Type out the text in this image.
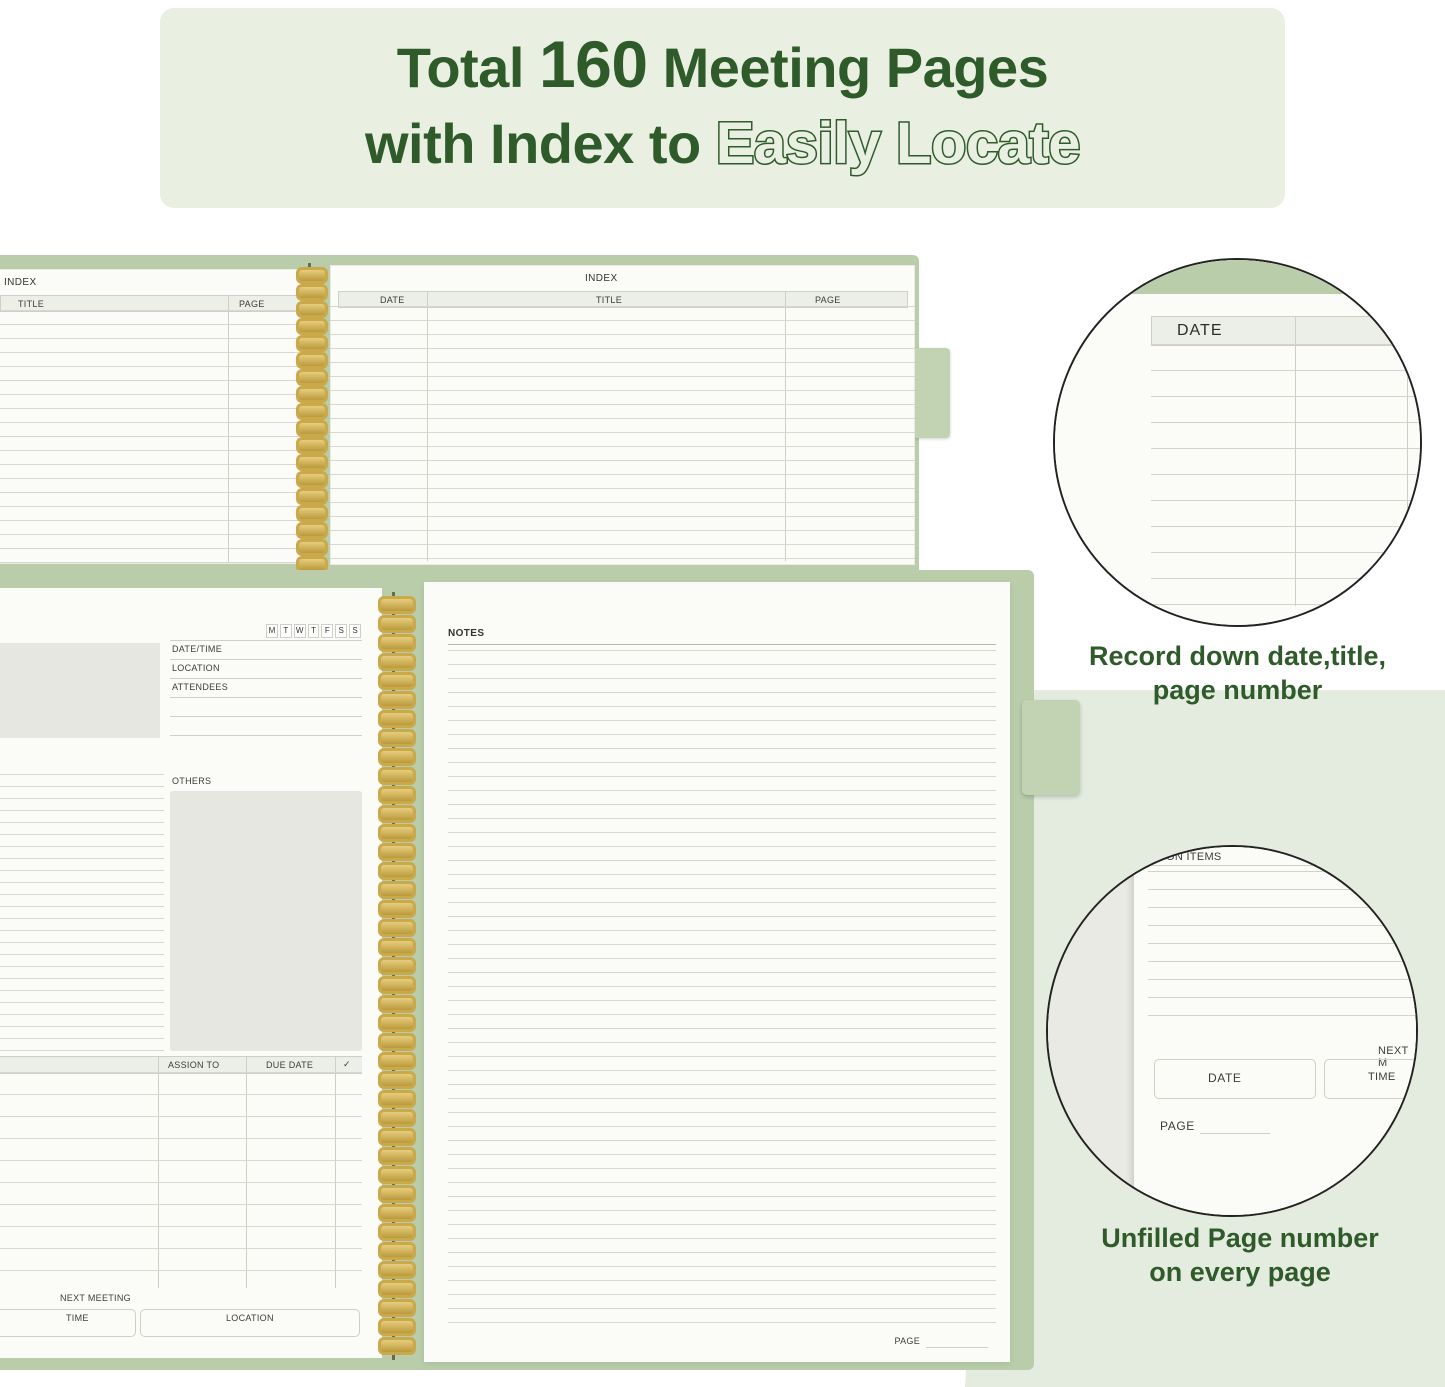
Total 160 Meeting Pages
with Index to Easily Locate
INDEX
TITLE	PAGE
INDEX
DATE	TITLE	PAGE
M	T W T	F	S	S
DATE/TIME
LOCATION
ATTENDEES
OTHERS
ASSION TO	DUE DATE	✓
NEXT MEETING
TIME	LOCATION
NOTES
PAGE
DATE
Record down date,title,
page number
ON ITEMS
NEXT M
DATE	TIME
PAGE
Unfilled Page number
on every page
